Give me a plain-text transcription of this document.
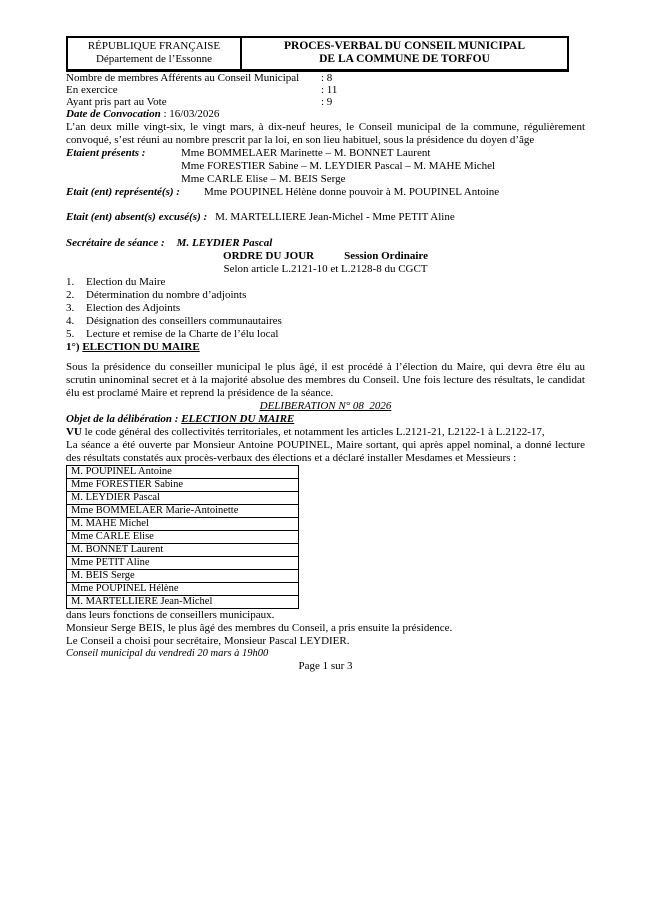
RÉPUBLIQUE FRANÇAISE
Département de l’Essonne
PROCES-VERBAL DU CONSEIL MUNICIPAL
DE LA COMMUNE DE TORFOU
Nombre de membres Afférents au Conseil Municipal	: 8
En exercice	: 11
Ayant pris part au Vote	: 9
Date de Convocation : 16/03/2026
L’an deux mille vingt-six, le vingt mars, à dix-neuf heures, le Conseil municipal de la commune, régulièrement convoqué, s’est réuni au nombre prescrit par la loi, en son lieu habituel, sous la présidence du doyen d’âge
Etaient présents :	Mme BOMMELAER Marinette – M. BONNET Laurent
Mme FORESTIER Sabine – M. LEYDIER Pascal – M. MAHE Michel
Mme CARLE Elise – M. BEIS Serge
Etait (ent) représenté(s) : Mme POUPINEL Hélène donne pouvoir à M. POUPINEL Antoine
Etait (ent) absent(s) excusé(s) : M. MARTELLIERE Jean-Michel - Mme PETIT Aline
Secrétaire de séance : M. LEYDIER Pascal
ORDRE DU JOUR	Session Ordinaire
Selon article L.2121-10 et L.2128-8 du CGCT
1.	Election du Maire
2.	Détermination du nombre d’adjoints
3.	Election des Adjoints
4.	Désignation des conseillers communautaires
5.	Lecture et remise de la Charte de l’élu local
1°) ELECTION DU MAIRE
Sous la présidence du conseiller municipal le plus âgé, il est procédé à l’élection du Maire, qui devra être élu au scrutin uninominal secret et à la majorité absolue des membres du Conseil. Une fois lecture des résultats, le candidat élu est proclamé Maire et reprend la présidence de la séance.
DELIBERATION N° 08_2026
Objet de la délibération : ELECTION DU MAIRE
VU le code général des collectivités territoriales, et notamment les articles L.2121-21, L2122-1 à L.2122-17,
La séance a été ouverte par Monsieur Antoine POUPINEL, Maire sortant, qui après appel nominal, a donné lecture des résultats constatés aux procès-verbaux des élections et a déclaré installer Mesdames et Messieurs :
M. POUPINEL Antoine
Mme FORESTIER Sabine
M. LEYDIER Pascal
Mme BOMMELAER Marie-Antoinette
M. MAHE Michel
Mme CARLE Elise
M. BONNET Laurent
Mme PETIT Aline
M. BEIS Serge
Mme POUPINEL Hélène
M. MARTELLIERE Jean-Michel
dans leurs fonctions de conseillers municipaux.
Monsieur Serge BEIS, le plus âgé des membres du Conseil, a pris ensuite la présidence.
Le Conseil a choisi pour secrétaire, Monsieur Pascal LEYDIER.
Conseil municipal du vendredi 20 mars à 19h00
Page 1 sur 3
